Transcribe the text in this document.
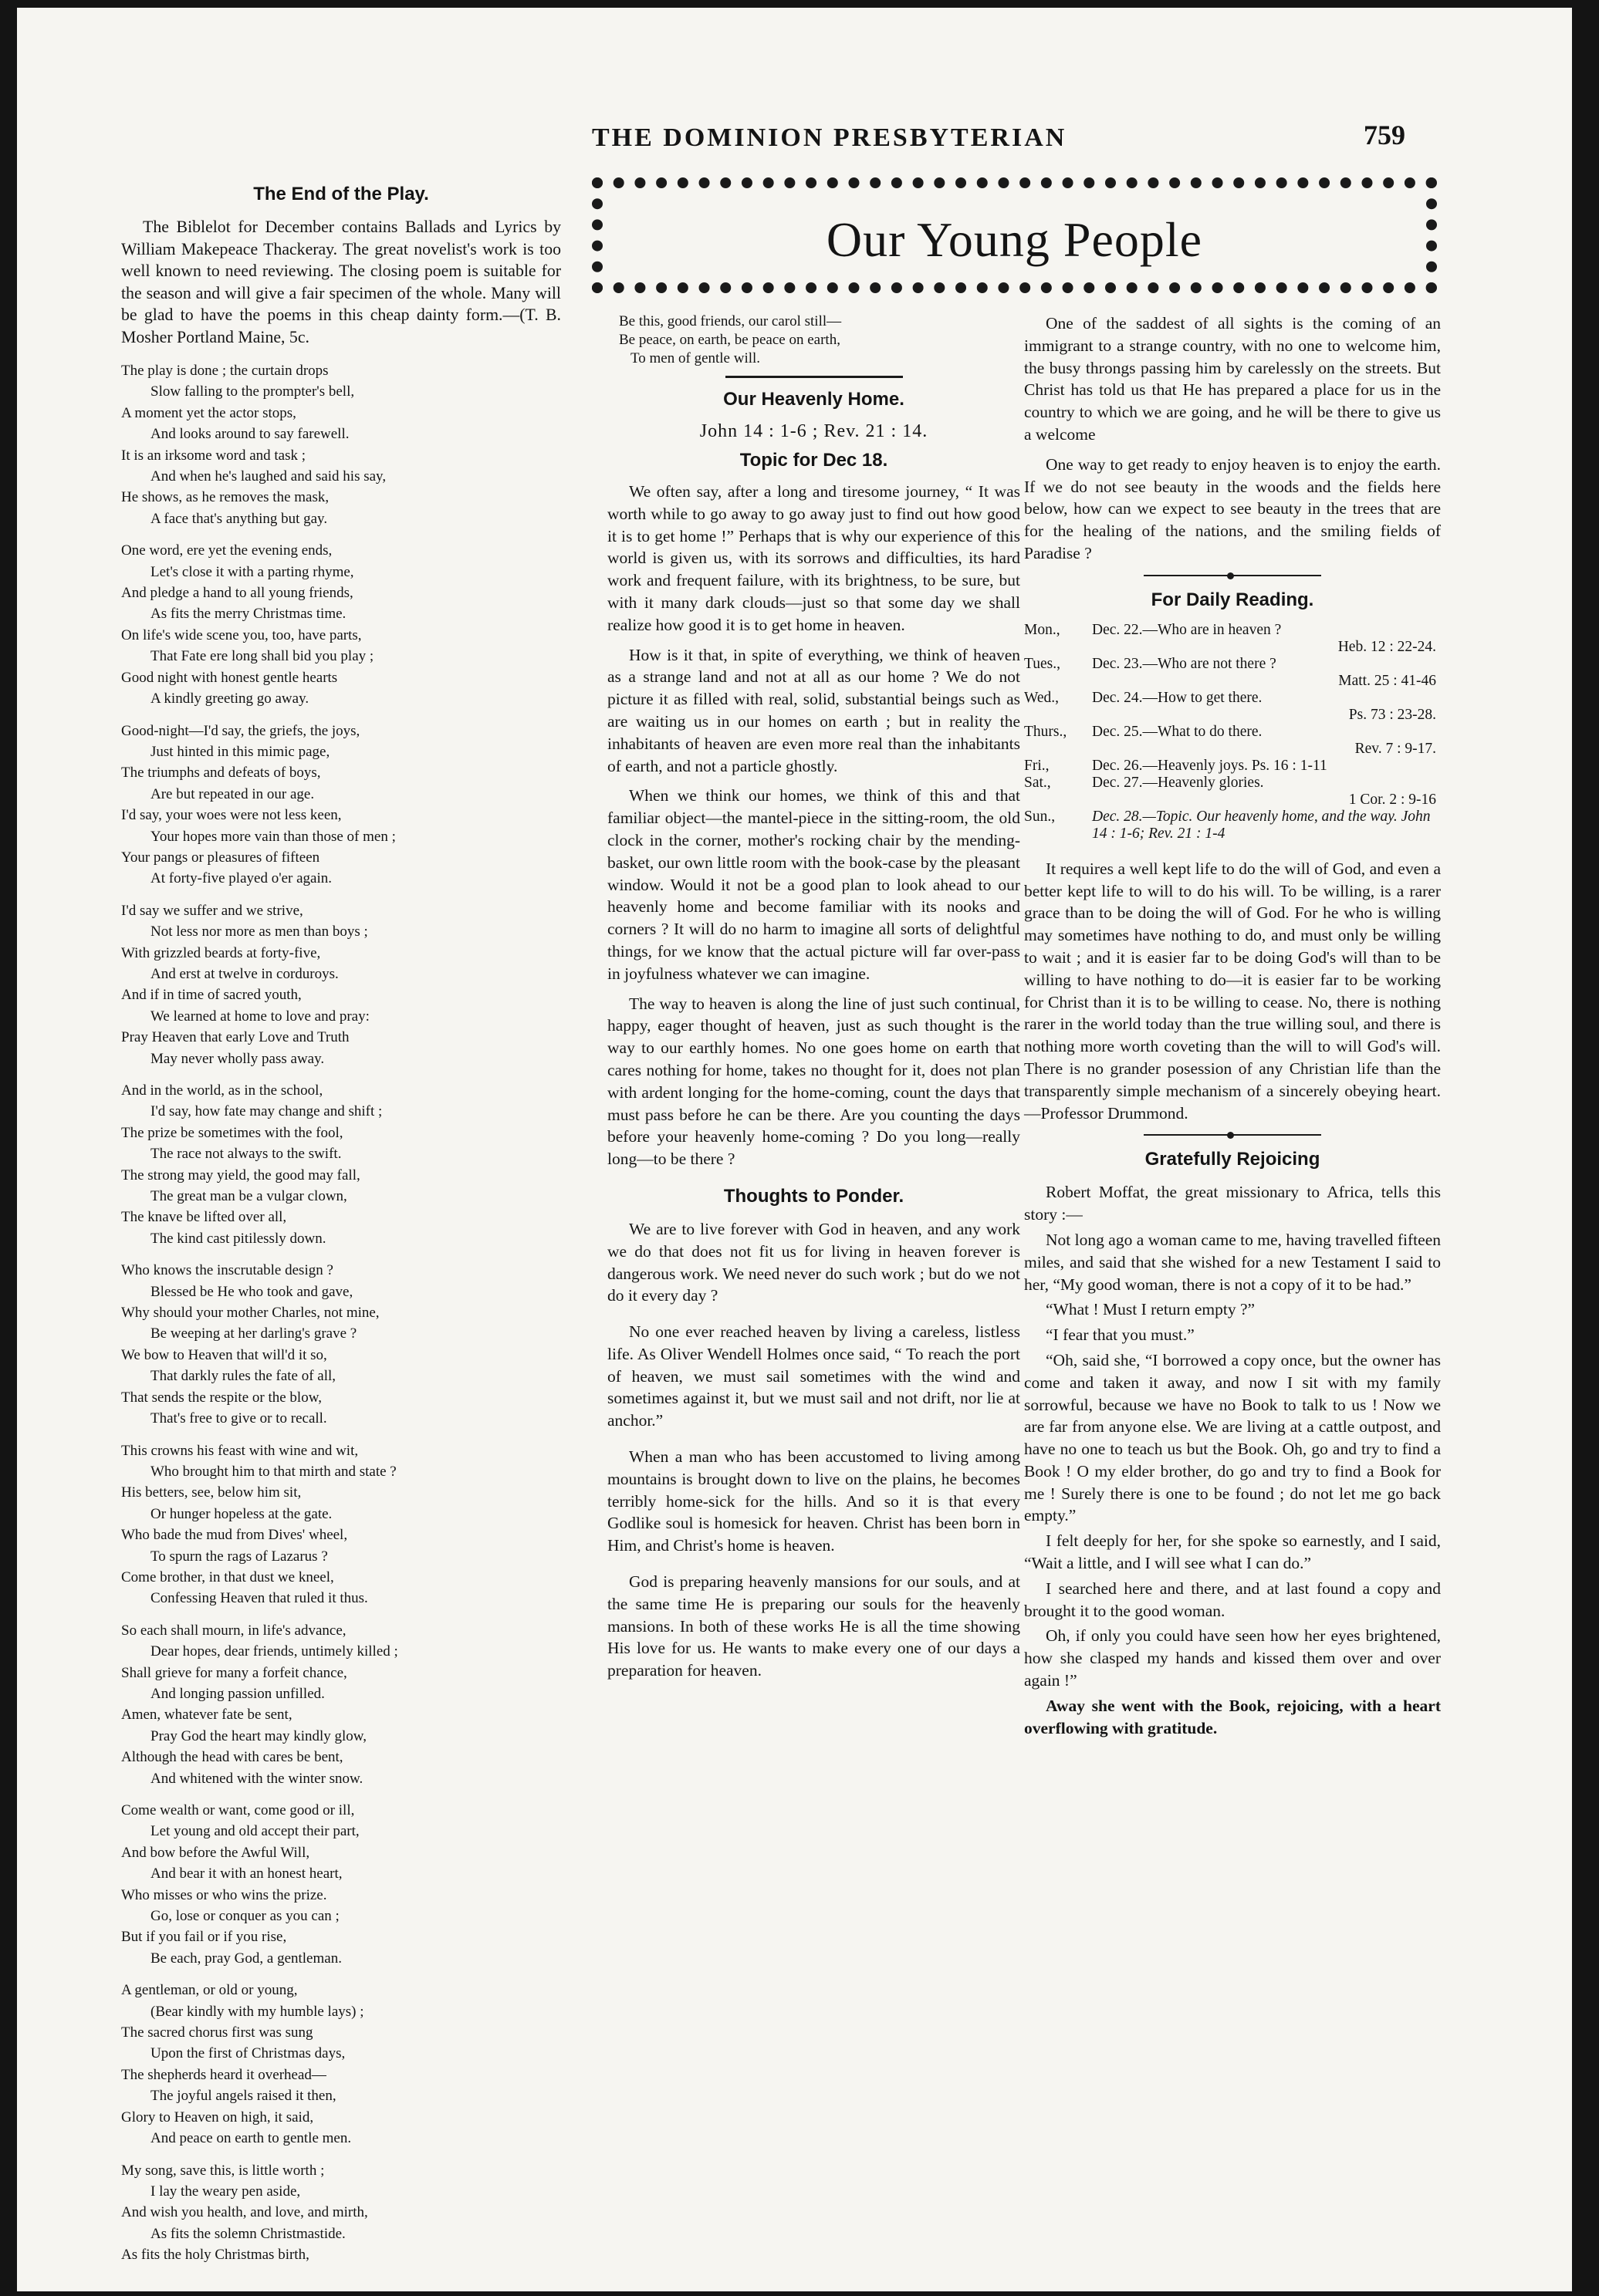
THE DOMINION PRESBYTERIAN	759
The End of the Play.

The Biblelot for December contains Ballads and Lyrics by William Makepeace Thackeray. The great novelist's work is too well known to need reviewing. The closing poem is suitable for the season and will give a fair specimen of the whole. Many will be glad to have the poems in this cheap dainty form.—(T. B. Mosher Portland Maine, 5c.

The play is done ; the curtain drops
Slow falling to the prompter's bell,
A moment yet the actor stops,
And looks around to say farewell.
It is an irksome word and task ;
And when he's laughed and said his say,
He shows, as he removes the mask,
A face that's anything but gay.
One word, ere yet the evening ends,
Let's close it with a parting rhyme,
And pledge a hand to all young friends,
As fits the merry Christmas time.
On life's wide scene you, too, have parts,
That Fate ere long shall bid you play ;
Good night with honest gentle hearts
A kindly greeting go away.
Good-night—I'd say, the griefs, the joys,
Just hinted in this mimic page,
The triumphs and defeats of boys,
Are but repeated in our age.
I'd say, your woes were not less keen,
Your hopes more vain than those of men ;
Your pangs or pleasures of fifteen
At forty-five played o'er again.
I'd say we suffer and we strive,
Not less nor more as men than boys ;
With grizzled beards at forty-five,
And erst at twelve in corduroys.
And if in time of sacred youth,
We learned at home to love and pray:
Pray Heaven that early Love and Truth
May never wholly pass away.
And in the world, as in the school,
I'd say, how fate may change and shift ;
The prize be sometimes with the fool,
The race not always to the swift.
The strong may yield, the good may fall,
The great man be a vulgar clown,
The knave be lifted over all,
The kind cast pitilessly down.
Who knows the inscrutable design ?
Blessed be He who took and gave,
Why should your mother Charles, not mine,
Be weeping at her darling's grave ?
We bow to Heaven that will'd it so,
That darkly rules the fate of all,
That sends the respite or the blow,
That's free to give or to recall.
This crowns his feast with wine and wit,
Who brought him to that mirth and state ?
His betters, see, below him sit,
Or hunger hopeless at the gate.
Who bade the mud from Dives' wheel,
To spurn the rags of Lazarus ?
Come brother, in that dust we kneel,
Confessing Heaven that ruled it thus.
So each shall mourn, in life's advance,
Dear hopes, dear friends, untimely killed ;
Shall grieve for many a forfeit chance,
And longing passion unfilled.
Amen, whatever fate be sent,
Pray God the heart may kindly glow,
Although the head with cares be bent,
And whitened with the winter snow.
Come wealth or want, come good or ill,
Let young and old accept their part,
And bow before the Awful Will,
And bear it with an honest heart,
Who misses or who wins the prize.
Go, lose or conquer as you can ;
But if you fail or if you rise,
Be each, pray God, a gentleman.
A gentleman, or old or young,
(Bear kindly with my humble lays) ;
The sacred chorus first was sung
Upon the first of Christmas days,
The shepherds heard it overhead—
The joyful angels raised it then,
Glory to Heaven on high, it said,
And peace on earth to gentle men.
My song, save this, is little worth ;
I lay the weary pen aside,
And wish you health, and love, and mirth,
As fits the solemn Christmastide.
As fits the holy Christmas birth,
Our Young People
Be this, good friends, our carol still—
Be peace, on earth, be peace on earth,
To men of gentle will.
Our Heavenly Home.
John 14 : 1-6 ; Rev. 21 : 14.
Topic for Dec 18.

We often say, after a long and tiresome journey, “ It was worth while to go away to go away just to find out how good it is to get home !” Perhaps that is why our experience of this world is given us, with its sorrows and difficulties, its hard work and frequent failure, with its brightness, to be sure, but with it many dark clouds—just so that some day we shall realize how good it is to get home in heaven.

How is it that, in spite of everything, we think of heaven as a strange land and not at all as our home ? We do not picture it as filled with real, solid, substantial beings such as are waiting us in our homes on earth ; but in reality the inhabitants of heaven are even more real than the inhabitants of earth, and not a particle ghostly.

When we think our homes, we think of this and that familiar object—the mantel-piece in the sitting-room, the old clock in the corner, mother's rocking chair by the mending-basket, our own little room with the book-case by the pleasant window. Would it not be a good plan to look ahead to our heavenly home and become familiar with its nooks and corners ? It will do no harm to imagine all sorts of delightful things, for we know that the actual picture will far over-pass in joyfulness whatever we can imagine.

The way to heaven is along the line of just such continual, happy, eager thought of heaven, just as such thought is the way to our earthly homes. No one goes home on earth that cares nothing for home, takes no thought for it, does not plan with ardent longing for the home-coming, count the days that must pass before he can be there. Are you counting the days before your heavenly home-coming ? Do you long—really long—to be there ?

Thoughts to Ponder.

We are to live forever with God in heaven, and any work we do that does not fit us for living in heaven forever is dangerous work. We need never do such work ; but do we not do it every day ?

No one ever reached heaven by living a careless, listless life. As Oliver Wendell Holmes once said, “ To reach the port of heaven, we must sail sometimes with the wind and sometimes against it, but we must sail and not drift, nor lie at anchor.”

When a man who has been accustomed to living among mountains is brought down to live on the plains, he becomes terribly home-sick for the hills. And so it is that every Godlike soul is homesick for heaven. Christ has been born in Him, and Christ's home is heaven.

God is preparing heavenly mansions for our souls, and at the same time He is preparing our souls for the heavenly mansions. In both of these works He is all the time showing His love for us. He wants to make every one of our days a preparation for heaven.

One of the saddest of all sights is the coming of an immigrant to a strange country, with no one to welcome him, the busy throngs passing him by carelessly on the streets. But Christ has told us that He has prepared a place for us in the country to which we are going, and he will be there to give us a welcome

One way to get ready to enjoy heaven is to enjoy the earth. If we do not see beauty in the woods and the fields here below, how can we expect to see beauty in the trees that are for the healing of the nations, and the smiling fields of Paradise ?

For Daily Reading.
Mon.,	Dec. 22.—Who are in heaven ?
Heb. 12 : 22-24.

Tues.,	Dec. 23.—Who are not there ?
Matt. 25 : 41-46

Wed.,	Dec. 24.—How to get there.
Ps. 73 : 23-28.

Thurs.,	Dec. 25.—What to do there.
Rev. 7 : 9-17.

Fri.,	Dec. 26.—Heavenly joys. Ps. 16 : 1-11

Sat.,	Dec. 27.—Heavenly glories.
1 Cor. 2 : 9-16

Sun.,	Dec. 28.—Topic. Our heavenly home, and the way. John 14 : 1-6; Rev. 21 : 1-4

It requires a well kept life to do the will of God, and even a better kept life to will to do his will. To be willing, is a rarer grace than to be doing the will of God. For he who is willing may sometimes have nothing to do, and must only be willing to wait ; and it is easier far to be doing God's will than to be willing to have nothing to do—it is easier far to be working for Christ than it is to be willing to cease. No, there is nothing rarer in the world today than the true willing soul, and there is nothing more worth coveting than the will to will God's will. There is no grander posession of any Christian life than the transparently simple mechanism of a sincerely obeying heart.—Professor Drummond.

Gratefully Rejoicing

Robert Moffat, the great missionary to Africa, tells this story :—

Not long ago a woman came to me, having travelled fifteen miles, and said that she wished for a new Testament I said to her, “My good woman, there is not a copy of it to be had.”

“What ! Must I return empty ?”

“I fear that you must.”

“Oh, said she, “I borrowed a copy once, but the owner has come and taken it away, and now I sit with my family sorrowful, because we have no Book to talk to us ! Now we are far from anyone else. We are living at a cattle outpost, and have no one to teach us but the Book. Oh, go and try to find a Book ! O my elder brother, do go and try to find a Book for me ! Surely there is one to be found ; do not let me go back empty.”

I felt deeply for her, for she spoke so earnestly, and I said, “Wait a little, and I will see what I can do.”

I searched here and there, and at last found a copy and brought it to the good woman.

Oh, if only you could have seen how her eyes brightened, how she clasped my hands and kissed them over and over again !”

Away she went with the Book, rejoicing, with a heart overflowing with gratitude.
